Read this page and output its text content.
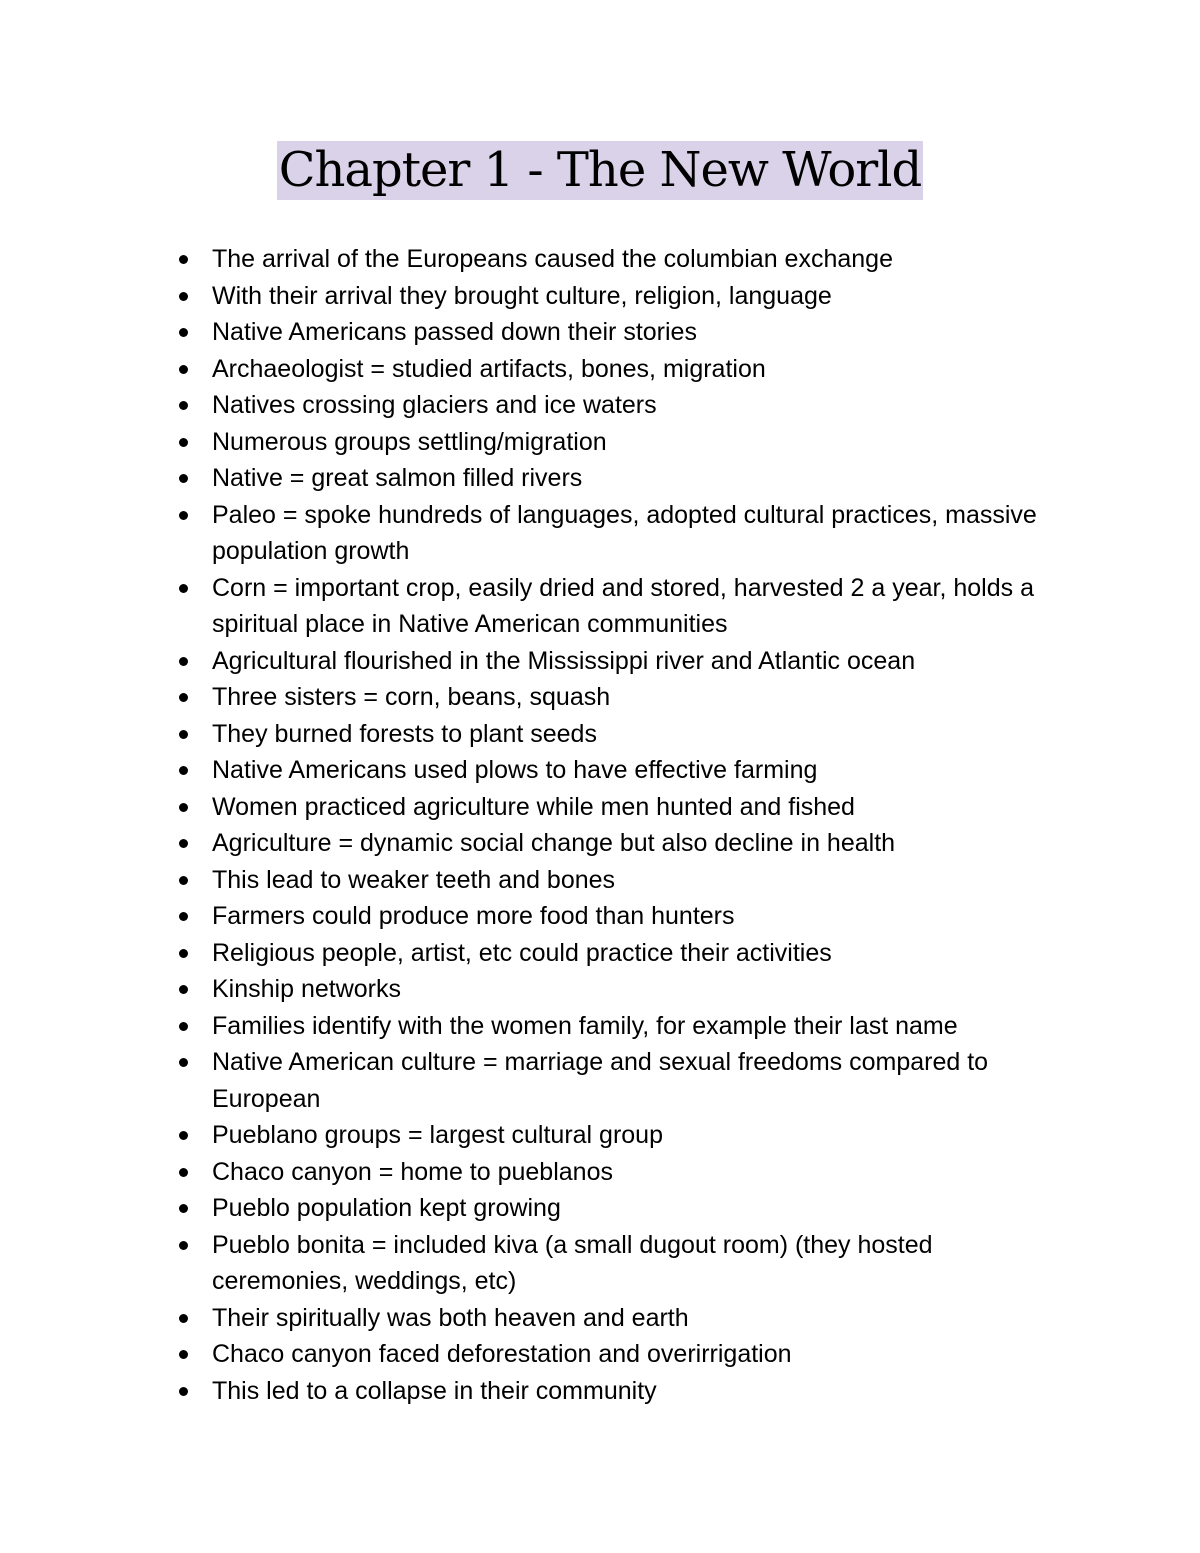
Chapter 1 - The New World
The arrival of the Europeans caused the columbian exchange
With their arrival they brought culture, religion, language
Native Americans passed down their stories
Archaeologist = studied artifacts, bones, migration
Natives crossing glaciers and ice waters
Numerous groups settling/migration
Native = great salmon filled rivers
Paleo = spoke hundreds of languages, adopted cultural practices, massive population growth
Corn = important crop, easily dried and stored, harvested 2 a year, holds a spiritual place in Native American communities
Agricultural flourished in the Mississippi river and Atlantic ocean
Three sisters = corn, beans, squash
They burned forests to plant seeds
Native Americans used plows to have effective farming
Women practiced agriculture while men hunted and fished
Agriculture = dynamic social change but also decline in health
This lead to weaker teeth and bones
Farmers could produce more food than hunters
Religious people, artist, etc could practice their activities
Kinship networks
Families identify with the women family, for example their last name
Native American culture = marriage and sexual freedoms compared to European
Pueblano groups = largest cultural group
Chaco canyon = home to pueblanos
Pueblo population kept growing
Pueblo bonita = included kiva (a small dugout room) (they hosted ceremonies, weddings, etc)
Their spiritually was both heaven and earth
Chaco canyon faced deforestation and overirrigation
This led to a collapse in their community
